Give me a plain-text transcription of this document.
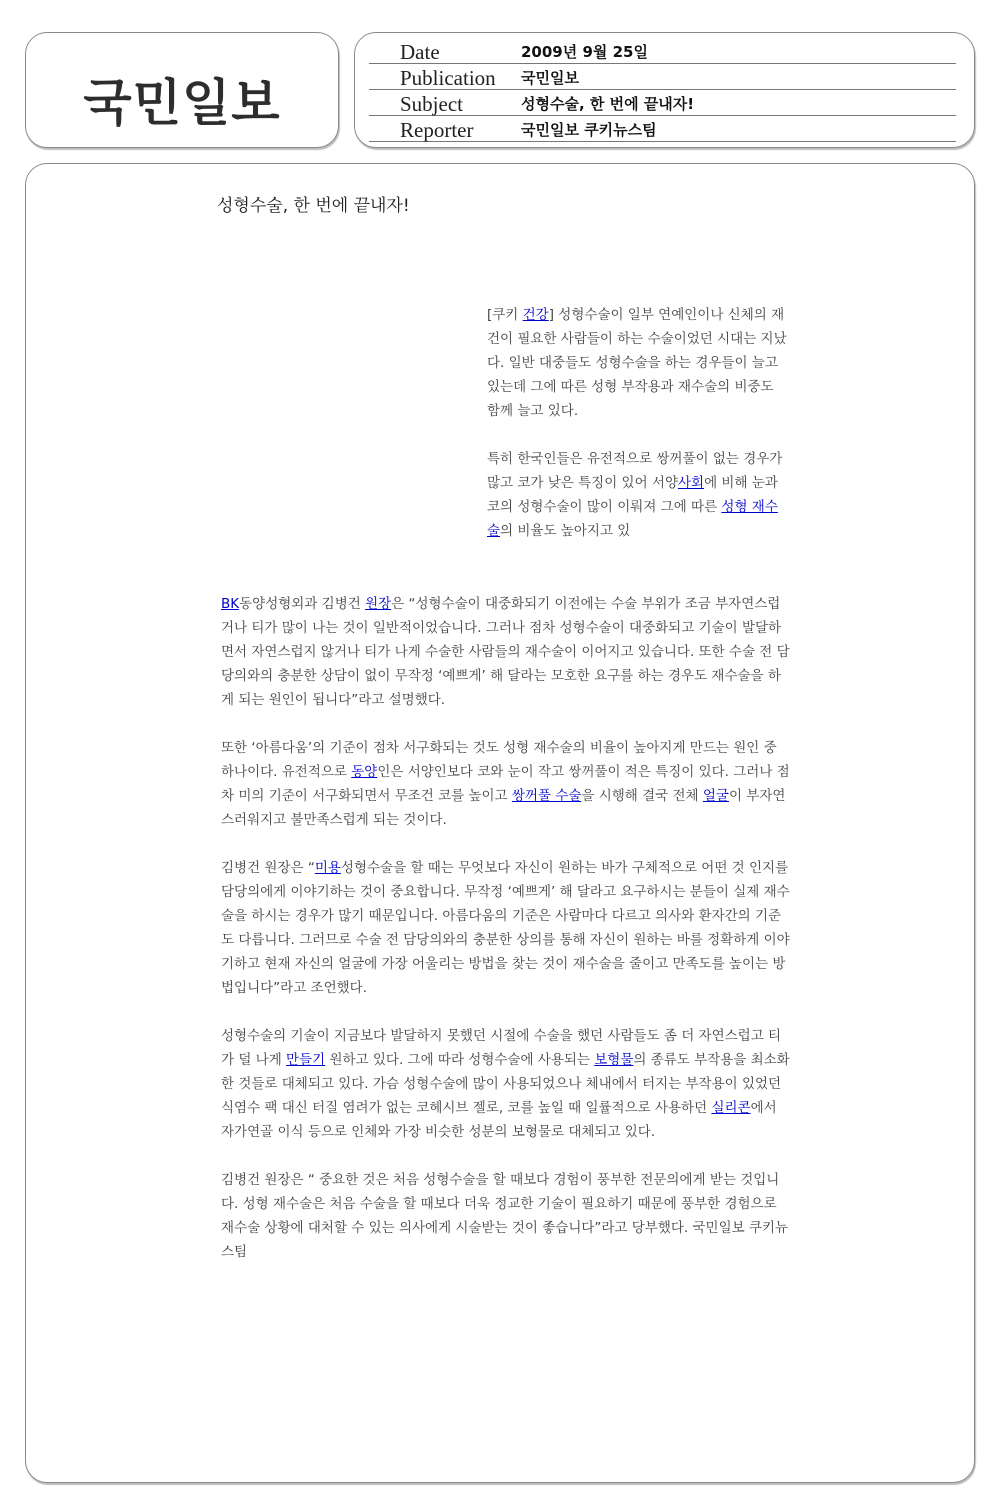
국민일보
Date	2009년 9월 25일
Publication 국민일보
Subject	성형수술, 한 번에 끝내자!
Reporter	국민일보 쿠키뉴스팀
성형수술, 한 번에 끝내자!

[쿠키 건강] 성형수술이 일부 연예인이나 신체의 재건이 필요한 사람들이 하는 수술이었던 시대는 지났다. 일반 대중들도 성형수술을 하는 경우들이 늘고 있는데 그에 따른 성형 부작용과 재수술의 비중도 함께 늘고 있다.

특히 한국인들은 유전적으로 쌍꺼풀이 없는 경우가 많고 코가 낮은 특징이 있어 서양사회에 비해 눈과 코의 성형수술이 많이 이뤄져 그에 따른 성형 재수술의 비율도 높아지고 있

BK동양성형외과 김병건 원장은 “성형수술이 대중화되기 이전에는 수술 부위가 조금 부자연스럽거나 티가 많이 나는 것이 일반적이었습니다. 그러나 점차 성형수술이 대중화되고 기술이 발달하면서 자연스럽지 않거나 티가 나게 수술한 사람들의 재수술이 이어지고 있습니다. 또한 수술 전 담당의와의 충분한 상담이 없이 무작정 ‘예쁘게’ 해 달라는 모호한 요구를 하는 경우도 재수술을 하게 되는 원인이 됩니다”라고 설명했다.

또한 ‘아름다움’의 기준이 점차 서구화되는 것도 성형 재수술의 비율이 높아지게 만드는 원인 중 하나이다. 유전적으로 동양인은 서양인보다 코와 눈이 작고 쌍꺼풀이 적은 특징이 있다. 그러나 점차 미의 기준이 서구화되면서 무조건 코를 높이고 쌍꺼풀 수술을 시행해 결국 전체 얼굴이 부자연스러워지고 불만족스럽게 되는 것이다.

김병건 원장은 “미용성형수술을 할 때는 무엇보다 자신이 원하는 바가 구체적으로 어떤 것 인지를 담당의에게 이야기하는 것이 중요합니다. 무작정 ‘예쁘게’ 해 달라고 요구하시는 분들이 실제 재수술을 하시는 경우가 많기 때문입니다. 아름다움의 기준은 사람마다 다르고 의사와 환자간의 기준도 다릅니다. 그러므로 수술 전 담당의와의 충분한 상의를 통해 자신이 원하는 바를 정확하게 이야기하고 현재 자신의 얼굴에 가장 어울리는 방법을 찾는 것이 재수술을 줄이고 만족도를 높이는 방법입니다”라고 조언했다.

성형수술의 기술이 지금보다 발달하지 못했던 시절에 수술을 했던 사람들도 좀 더 자연스럽고 티가 덜 나게 만들기 원하고 있다. 그에 따라 성형수술에 사용되는 보형물의 종류도 부작용을 최소화한 것들로 대체되고 있다. 가슴 성형수술에 많이 사용되었으나 체내에서 터지는 부작용이 있었던 식염수 팩 대신 터질 염려가 없는 코헤시브 젤로, 코를 높일 때 일률적으로 사용하던 실리콘에서 자가연골 이식 등으로 인체와 가장 비슷한 성분의 보형물로 대체되고 있다.

김병건 원장은 “ 중요한 것은 처음 성형수술을 할 때보다 경험이 풍부한 전문의에게 받는 것입니다. 성형 재수술은 처음 수술을 할 때보다 더욱 정교한 기술이 필요하기 때문에 풍부한 경험으로 재수술 상황에 대처할 수 있는 의사에게 시술받는 것이 좋습니다”라고 당부했다. 국민일보 쿠키뉴스팀
